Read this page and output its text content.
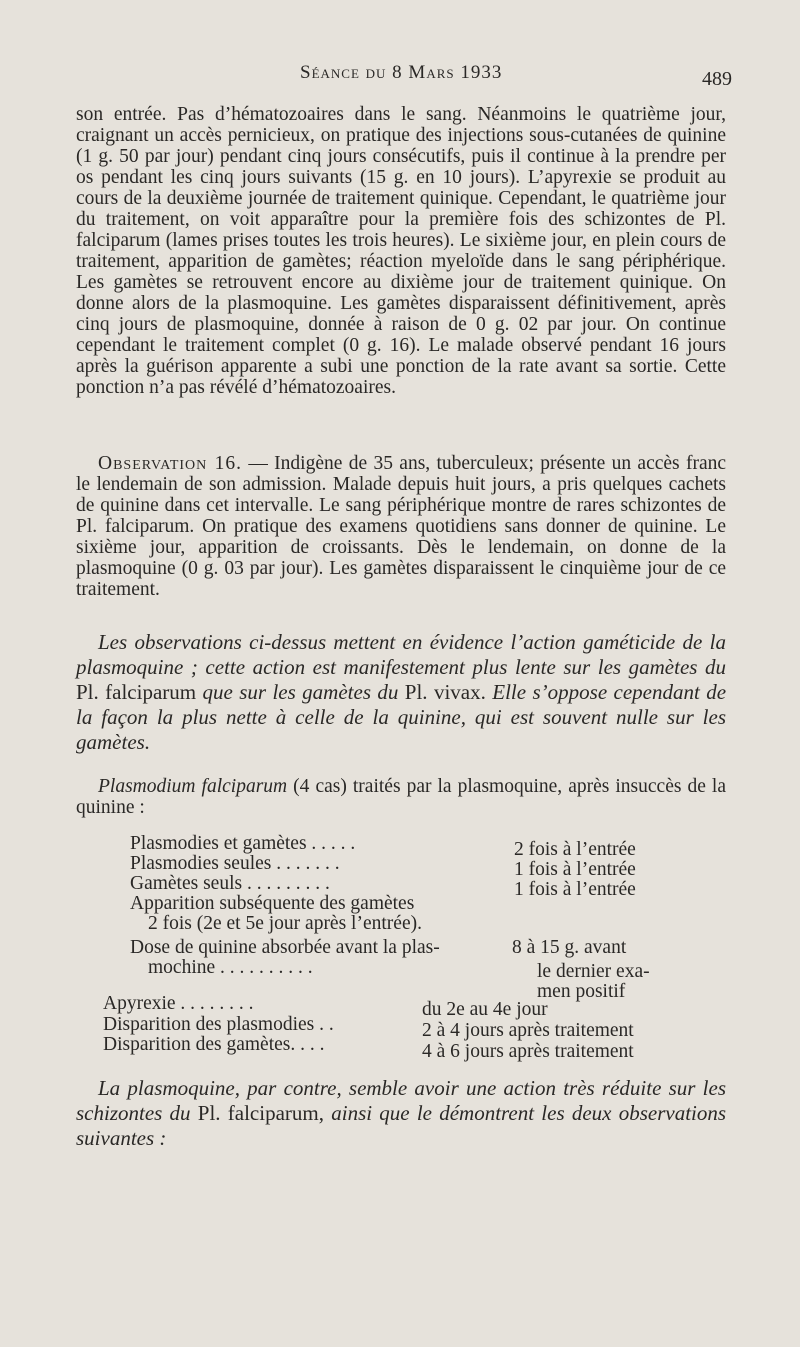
Séance du 8 Mars 1933	489

son entrée. Pas d’hématozoaires dans le sang. Néanmoins le quatrième jour, craignant un accès pernicieux, on pratique des injections sous-cutanées de quinine (1 g. 50 par jour) pendant cinq jours consécutifs, puis il continue à la prendre per os pendant les cinq jours suivants (15 g. en 10 jours). L’apyrexie se produit au cours de la deuxième journée de traitement quinique. Cependant, le quatrième jour du traitement, on voit apparaître pour la première fois des schizontes de Pl. falciparum (lames prises toutes les trois heures). Le sixième jour, en plein cours de traitement, apparition de gamètes; réaction myeloïde dans le sang périphérique. Les gamètes se retrouvent encore au dixième jour de traitement quinique. On donne alors de la plasmoquine. Les gamètes disparaissent définitivement, après cinq jours de plasmoquine, donnée à raison de 0 g. 02 par jour. On continue cependant le traitement complet (0 g. 16). Le malade observé pendant 16 jours après la guérison apparente a subi une ponction de la rate avant sa sortie. Cette ponction n’a pas révélé d’hématozoaires.

Observation 16. — Indigène de 35 ans, tuberculeux; présente un accès franc le lendemain de son admission. Malade depuis huit jours, a pris quelques cachets de quinine dans cet intervalle. Le sang périphérique montre de rares schizontes de Pl. falciparum. On pratique des examens quotidiens sans donner de quinine. Le sixième jour, apparition de croissants. Dès le lendemain, on donne de la plasmoquine (0 g. 03 par jour). Les gamètes disparaissent le cinquième jour de ce traitement.

Les observations ci-dessus mettent en évidence l’action gaméticide de la plasmoquine ; cette action est manifestement plus lente sur les gamètes du Pl. falciparum que sur les gamètes du Pl. vivax. Elle s’oppose cependant de la façon la plus nette à celle de la quinine, qui est souvent nulle sur les gamètes.

Plasmodium falciparum (4 cas) traités par la plasmoquine, après insuccès de la quinine :

Plasmodies et gamètes . . . . .	2 fois à l’entrée
Plasmodies seules . . . . . . .	1 fois à l’entrée
Gamètes seuls . . . . . . . . .	1 fois à l’entrée
Apparition subséquente des gamètes
2 fois (2e et 5e jour après l’entrée).
Dose de quinine absorbée avant la plas-	8 à 15 g. avant
mochine . . . . . . . . . .	le dernier exa-
men positif
Apyrexie . . . . . . . .	du 2e au 4e jour
Disparition des plasmodies . .	2 à 4 jours après traitement
Disparition des gamètes. . . .	4 à 6 jours après traitement

La plasmoquine, par contre, semble avoir une action très réduite sur les schizontes du Pl. falciparum, ainsi que le démontrent les deux observations suivantes :
